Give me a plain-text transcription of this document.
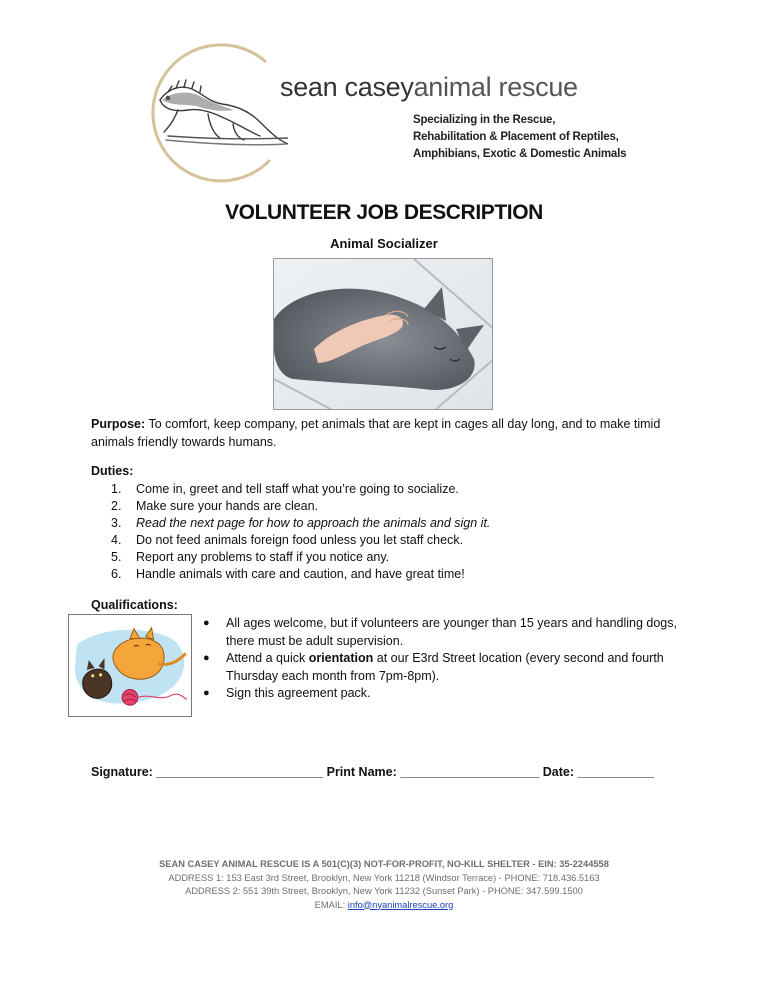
sean caseyanimal rescue
Specializing in the Rescue,
Rehabilitation & Placement of Reptiles,
Amphibians, Exotic & Domestic Animals
VOLUNTEER JOB DESCRIPTION
Animal Socializer
Purpose: To comfort, keep company, pet animals that are kept in cages all day long, and to make timid animals friendly towards humans.
Duties:
1.	Come in, greet and tell staff what you’re going to socialize.
2.	Make sure your hands are clean.
3.	Read the next page for how to approach the animals and sign it.
4.	Do not feed animals foreign food unless you let staff check.
5.	Report any problems to staff if you notice any.
6.	Handle animals with care and caution, and have great time!
Qualifications:
● All ages welcome, but if volunteers are younger than 15 years and handling dogs, there must be adult supervision.
● Attend a quick orientation at our E3rd Street location (every second and fourth Thursday each month from 7pm-8pm).
● Sign this agreement pack.
Signature: ________________________ Print Name: ____________________ Date: ___________
SEAN CASEY ANIMAL RESCUE IS A 501(C)(3) NOT-FOR-PROFIT, NO-KILL SHELTER - EIN: 35-2244558
ADDRESS 1: 153 East 3rd Street, Brooklyn, New York 11218 (Windsor Terrace) - PHONE: 718.436.5163
ADDRESS 2: 551 39th Street, Brooklyn, New York 11232 (Sunset Park) - PHONE: 347.599.1500
EMAIL: info@nyanimalrescue.org
